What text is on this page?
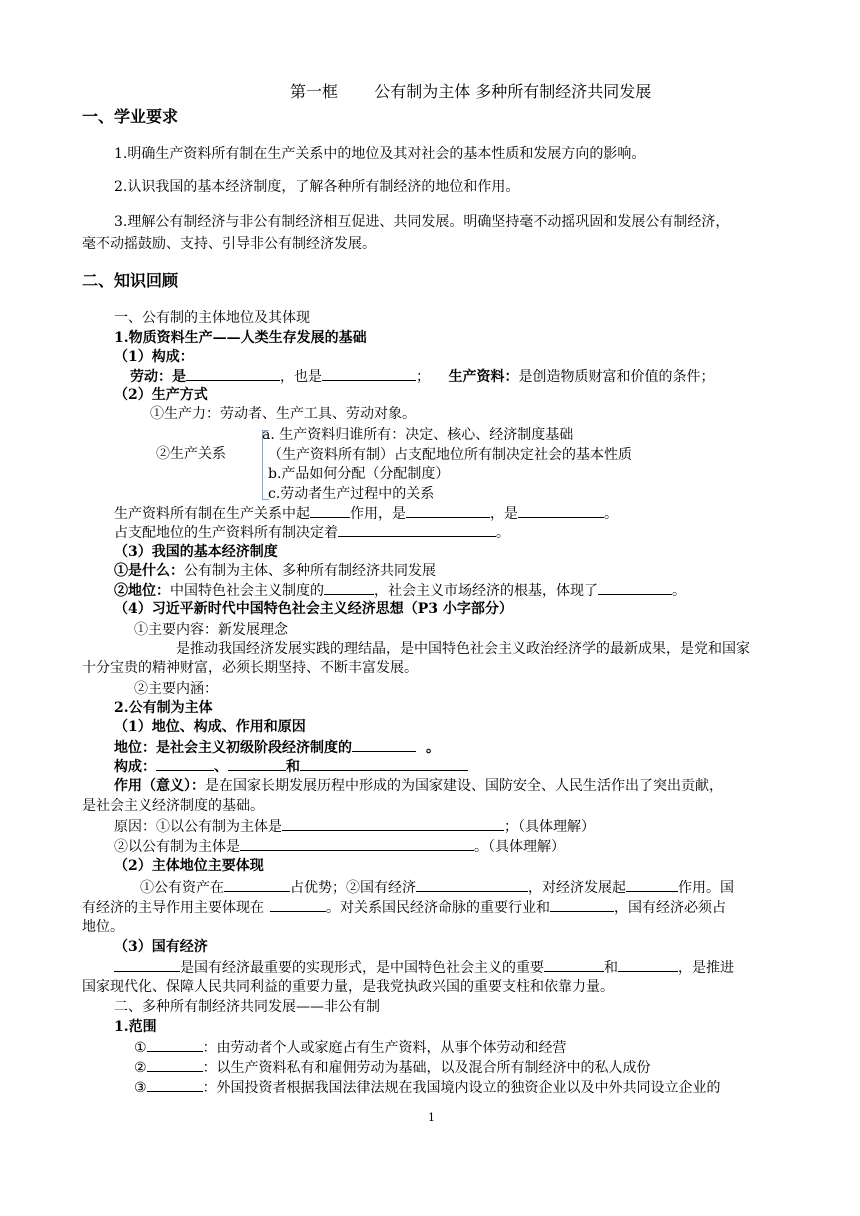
第一框 公有制为主体 多种所有制经济共同发展
一、学业要求
1.明确生产资料所有制在生产关系中的地位及其对社会的基本性质和发展方向的影响。
2.认识我国的基本经济制度，了解各种所有制经济的地位和作用。
3.理解公有制经济与非公有制经济相互促进、共同发展。明确坚持毫不动摇巩固和发展公有制经济，
毫不动摇鼓励、支持、引导非公有制经济发展。
二、知识回顾
一、公有制的主体地位及其体现
1.物质资料生产——人类生存发展的基础
（1）构成：
劳动：是	，也是	； 生产资料：是创造物质财富和价值的条件；
（2）生产方式
①生产力：劳动者、生产工具、劳动对象。
a. 生产资料归谁所有：决定、核心、经济制度基础
（生产资料所有制）占支配地位所有制决定社会的基本性质
②生产关系
b.产品如何分配（分配制度）
c.劳动者生产过程中的关系
生产资料所有制在生产关系中起	作用，是	，是	。
占支配地位的生产资料所有制决定着	。
（3）我国的基本经济制度
①是什么：公有制为主体、多种所有制经济共同发展
②地位：中国特色社会主义制度的	，社会主义市场经济的根基，体现了	。
（4）习近平新时代中国特色社会主义经济思想（P3 小字部分）
①主要内容：新发展理念
是推动我国经济发展实践的理结晶，是中国特色社会主义政治经济学的最新成果，是党和国家
十分宝贵的精神财富，必须长期坚持、不断丰富发展。
②主要内涵：
2.公有制为主体
（1）地位、构成、作用和原因
地位：是社会主义初级阶段经济制度的	。
构成：	、	和
作用（意义）：是在国家长期发展历程中形成的为国家建设、国防安全、人民生活作出了突出贡献，
是社会主义经济制度的基础。
原因：①以公有制为主体是	；（具体理解）
②以公有制为主体是	。（具体理解）
（2）主体地位主要体现
①公有资产在	占优势；②国有经济	，对经济发展起	作用。国
有经济的主导作用主要体现在	。对关系国民经济命脉的重要行业和	，国有经济必须占
地位。
（3）国有经济
是国有经济最重要的实现形式，是中国特色社会主义的重要	和	，是推进
国家现代化、保障人民共同利益的重要力量，是我党执政兴国的重要支柱和依靠力量。
二、多种所有制经济共同发展——非公有制
1.范围
①	：由劳动者个人或家庭占有生产资料，从事个体劳动和经营
②	：以生产资料私有和雇佣劳动为基础，以及混合所有制经济中的私人成份
③	：外国投资者根据我国法律法规在我国境内设立的独资企业以及中外共同设立企业的
1
